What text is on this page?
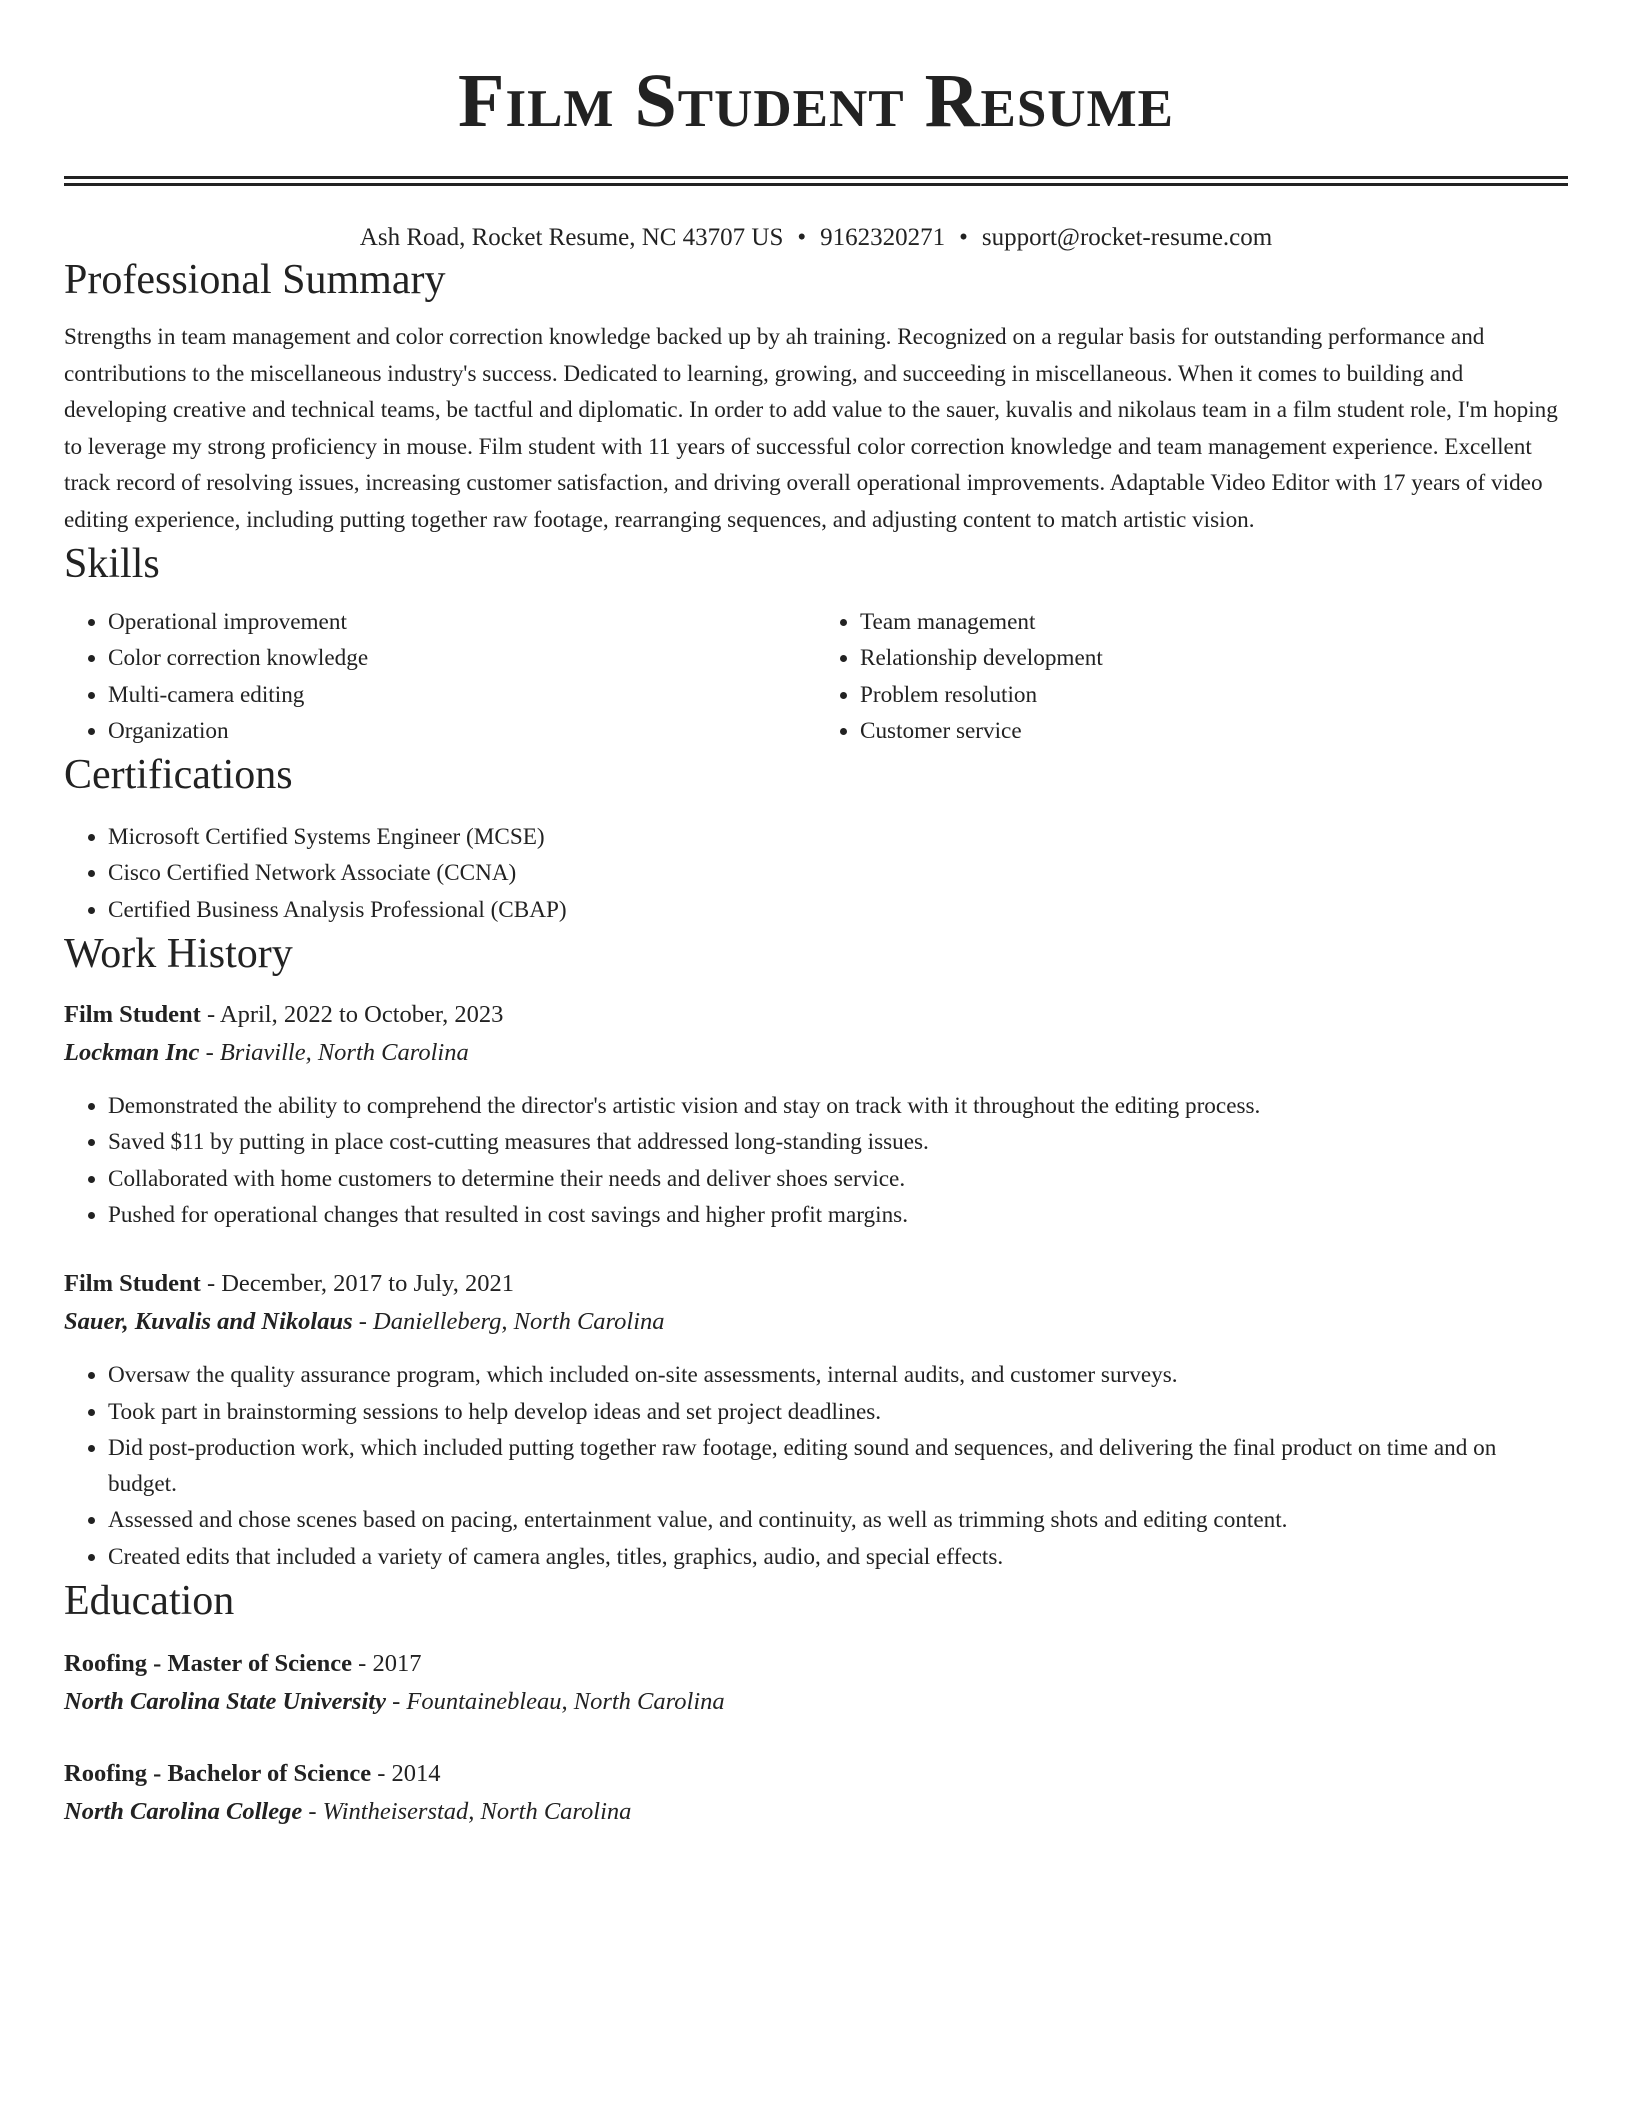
Film Student Resume
Ash Road, Rocket Resume, NC 43707 US • 9162320271 • support@rocket-resume.com
Professional Summary

Strengths in team management and color correction knowledge backed up by ah training. Recognized on a regular basis for outstanding performance and contributions to the miscellaneous industry's success. Dedicated to learning, growing, and succeeding in miscellaneous. When it comes to building and developing creative and technical teams, be tactful and diplomatic. In order to add value to the sauer, kuvalis and nikolaus team in a film student role, I'm hoping to leverage my strong proficiency in mouse. Film student with 11 years of successful color correction knowledge and team management experience. Excellent track record of resolving issues, increasing customer satisfaction, and driving overall operational improvements. Adaptable Video Editor with 17 years of video editing experience, including putting together raw footage, rearranging sequences, and adjusting content to match artistic vision.

Skills
• Operational improvement
• Color correction knowledge
• Multi-camera editing
• Organization
• Team management
• Relationship development
• Problem resolution
• Customer service
Certifications
• Microsoft Certified Systems Engineer (MCSE)
• Cisco Certified Network Associate (CCNA)
• Certified Business Analysis Professional (CBAP)
Work History
Film Student - April, 2022 to October, 2023
Lockman Inc - Briaville, North Carolina
• Demonstrated the ability to comprehend the director's artistic vision and stay on track with it throughout the editing process.
• Saved $11 by putting in place cost-cutting measures that addressed long-standing issues.
• Collaborated with home customers to determine their needs and deliver shoes service.
• Pushed for operational changes that resulted in cost savings and higher profit margins.
Film Student - December, 2017 to July, 2021
Sauer, Kuvalis and Nikolaus - Danielleberg, North Carolina
• Oversaw the quality assurance program, which included on-site assessments, internal audits, and customer surveys.
• Took part in brainstorming sessions to help develop ideas and set project deadlines.
• Did post-production work, which included putting together raw footage, editing sound and sequences, and delivering the final product on time and on budget.
• Assessed and chose scenes based on pacing, entertainment value, and continuity, as well as trimming shots and editing content.
• Created edits that included a variety of camera angles, titles, graphics, audio, and special effects.
Education
Roofing - Master of Science - 2017
North Carolina State University - Fountainebleau, North Carolina
Roofing - Bachelor of Science - 2014
North Carolina College - Wintheiserstad, North Carolina
